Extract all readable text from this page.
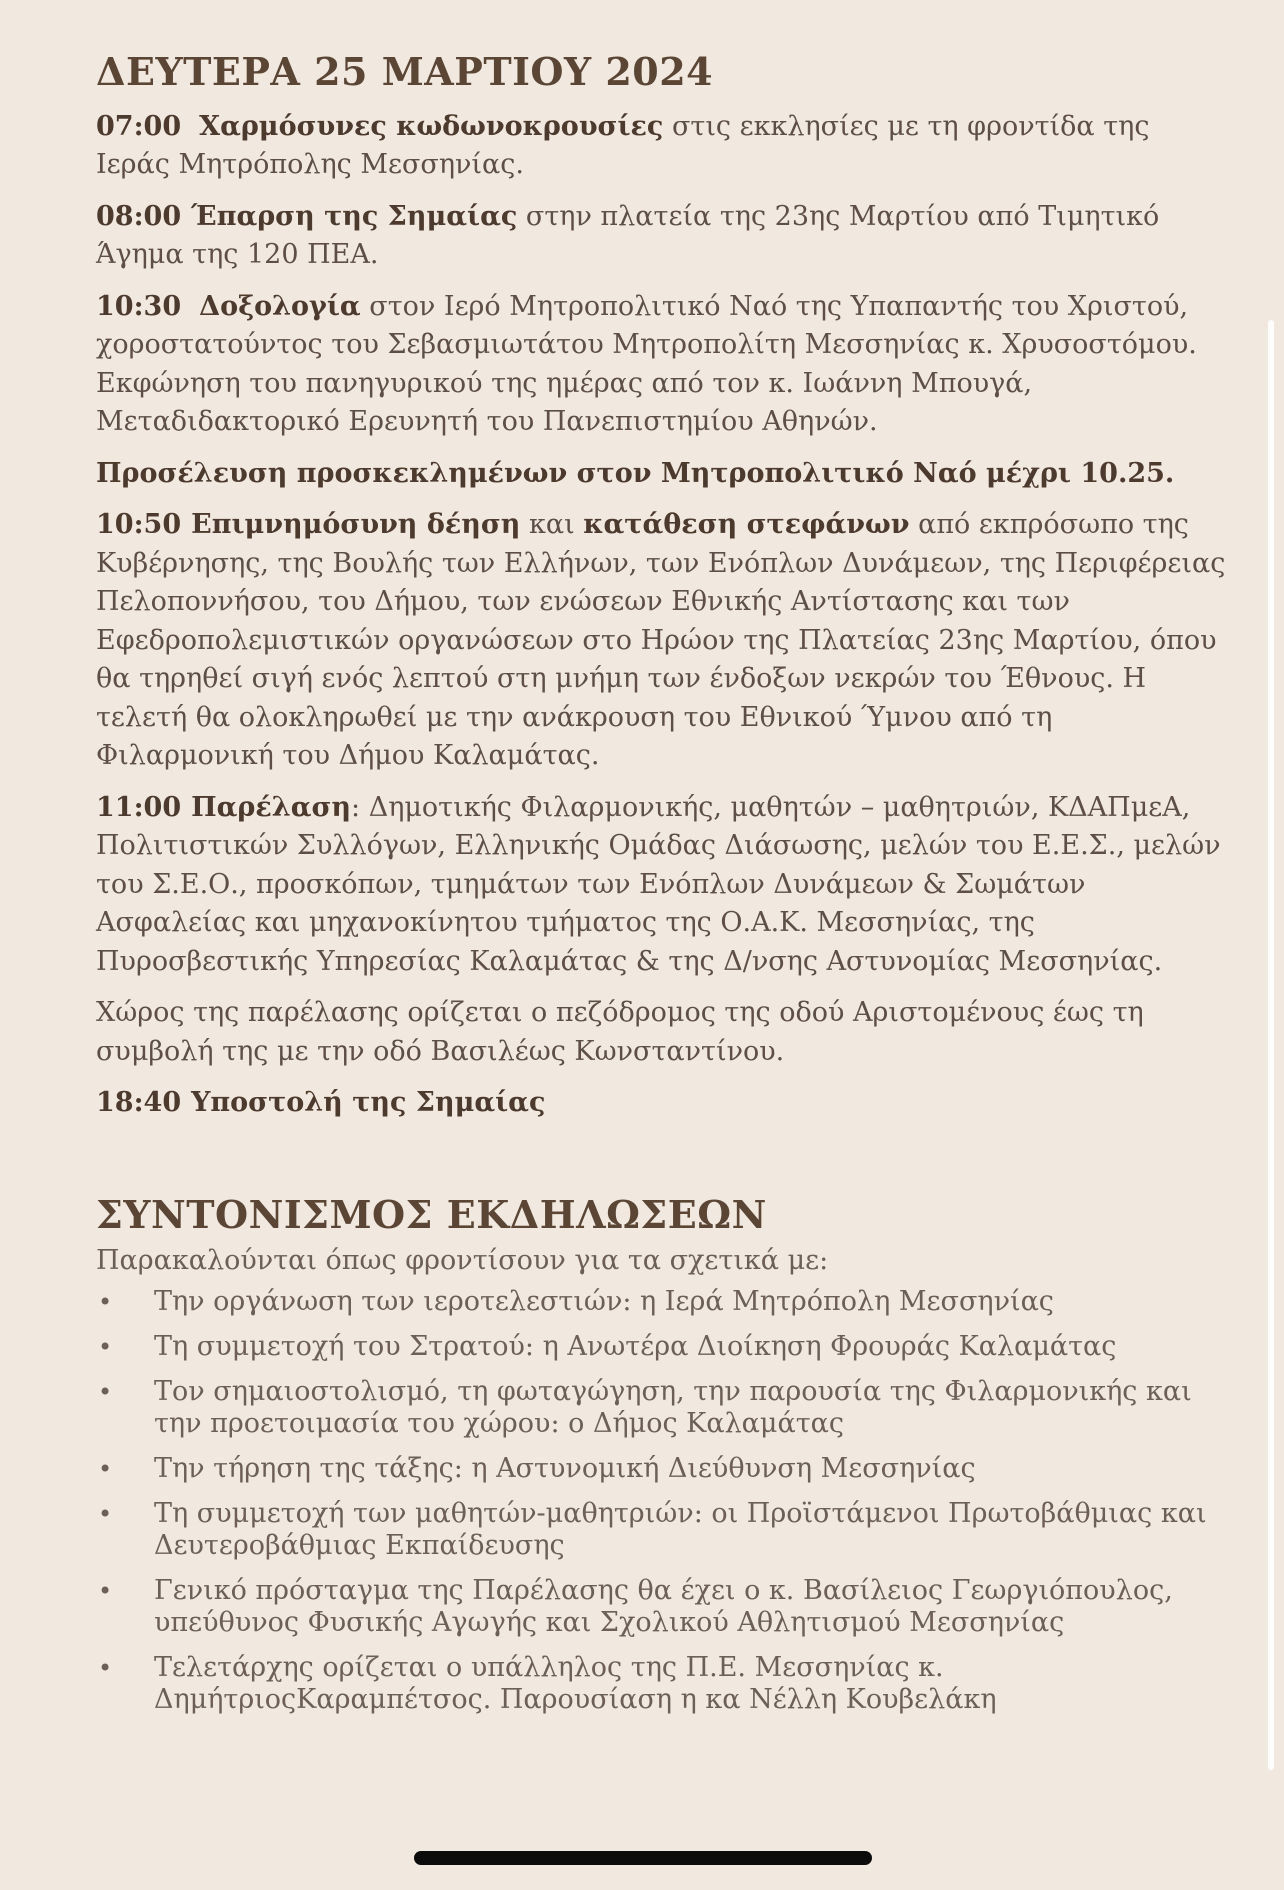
ΔΕΥΤΕΡΑ 25 ΜΑΡΤΙΟΥ 2024

07:00 Χαρμόσυνες κωδωνοκρουσίες στις εκκλησίες με τη φροντίδα της Ιεράς Μητρόπολης Μεσσηνίας.

08:00 Έπαρση της Σημαίας στην πλατεία της 23ης Μαρτίου από Τιμητικό Άγημα της 120 ΠΕΑ.

10:30 Δοξολογία στον Ιερό Μητροπολιτικό Ναό της Υπαπαντής του Χριστού, χοροστατούντος του Σεβασμιωτάτου Μητροπολίτη Μεσσηνίας κ. Χρυσοστόμου. Εκφώνηση του πανηγυρικού της ημέρας από τον κ. Ιωάννη Μπουγά, Μεταδιδακτορικό Ερευνητή του Πανεπιστημίου Αθηνών.

Προσέλευση προσκεκλημένων στον Μητροπολιτικό Ναό μέχρι 10.25.

10:50 Επιμνημόσυνη δέηση και κατάθεση στεφάνων από εκπρόσωπο της Κυβέρνησης, της Βουλής των Ελλήνων, των Ενόπλων Δυνάμεων, της Περιφέρειας Πελοποννήσου, του Δήμου, των ενώσεων Εθνικής Αντίστασης και των Εφεδροπολεμιστικών οργανώσεων στο Ηρώον της Πλατείας 23ης Μαρτίου, όπου θα τηρηθεί σιγή ενός λεπτού στη μνήμη των ένδοξων νεκρών του Έθνους. Η τελετή θα ολοκληρωθεί με την ανάκρουση του Εθνικού Ύμνου από τη Φιλαρμονική του Δήμου Καλαμάτας.

11:00 Παρέλαση: Δημοτικής Φιλαρμονικής, μαθητών – μαθητριών, ΚΔΑΠμεΑ, Πολιτιστικών Συλλόγων, Ελληνικής Ομάδας Διάσωσης, μελών του Ε.Ε.Σ., μελών του Σ.Ε.Ο., προσκόπων, τμημάτων των Ενόπλων Δυνάμεων & Σωμάτων Ασφαλείας και μηχανοκίνητου τμήματος της Ο.Α.Κ. Μεσσηνίας, της Πυροσβεστικής Υπηρεσίας Καλαμάτας & της Δ/νσης Αστυνομίας Μεσσηνίας.

Χώρος της παρέλασης ορίζεται ο πεζόδρομος της οδού Αριστομένους έως τη συμβολή της με την οδό Βασιλέως Κωνσταντίνου.

18:40 Υποστολή της Σημαίας

ΣΥΝΤΟΝΙΣΜΟΣ ΕΚΔΗΛΩΣΕΩΝ

Παρακαλούνται όπως φροντίσουν για τα σχετικά με:

• Την οργάνωση των ιεροτελεστιών: η Ιερά Μητρόπολη Μεσσηνίας
• Τη συμμετοχή του Στρατού: η Ανωτέρα Διοίκηση Φρουράς Καλαμάτας
• Τον σημαιοστολισμό, τη φωταγώγηση, την παρουσία της Φιλαρμονικής και την προετοιμασία του χώρου: ο Δήμος Καλαμάτας
• Την τήρηση της τάξης: η Αστυνομική Διεύθυνση Μεσσηνίας
• Τη συμμετοχή των μαθητών-μαθητριών: οι Προϊστάμενοι Πρωτοβάθμιας και Δευτεροβάθμιας Εκπαίδευσης
• Γενικό πρόσταγμα της Παρέλασης θα έχει ο κ. Βασίλειος Γεωργιόπουλος, υπεύθυνος Φυσικής Αγωγής και Σχολικού Αθλητισμού Μεσσηνίας
• Τελετάρχης ορίζεται ο υπάλληλος της Π.Ε. Μεσσηνίας κ. ΔημήτριοςΚαραμπέτσος. Παρουσίαση η κα Νέλλη Κουβελάκη
